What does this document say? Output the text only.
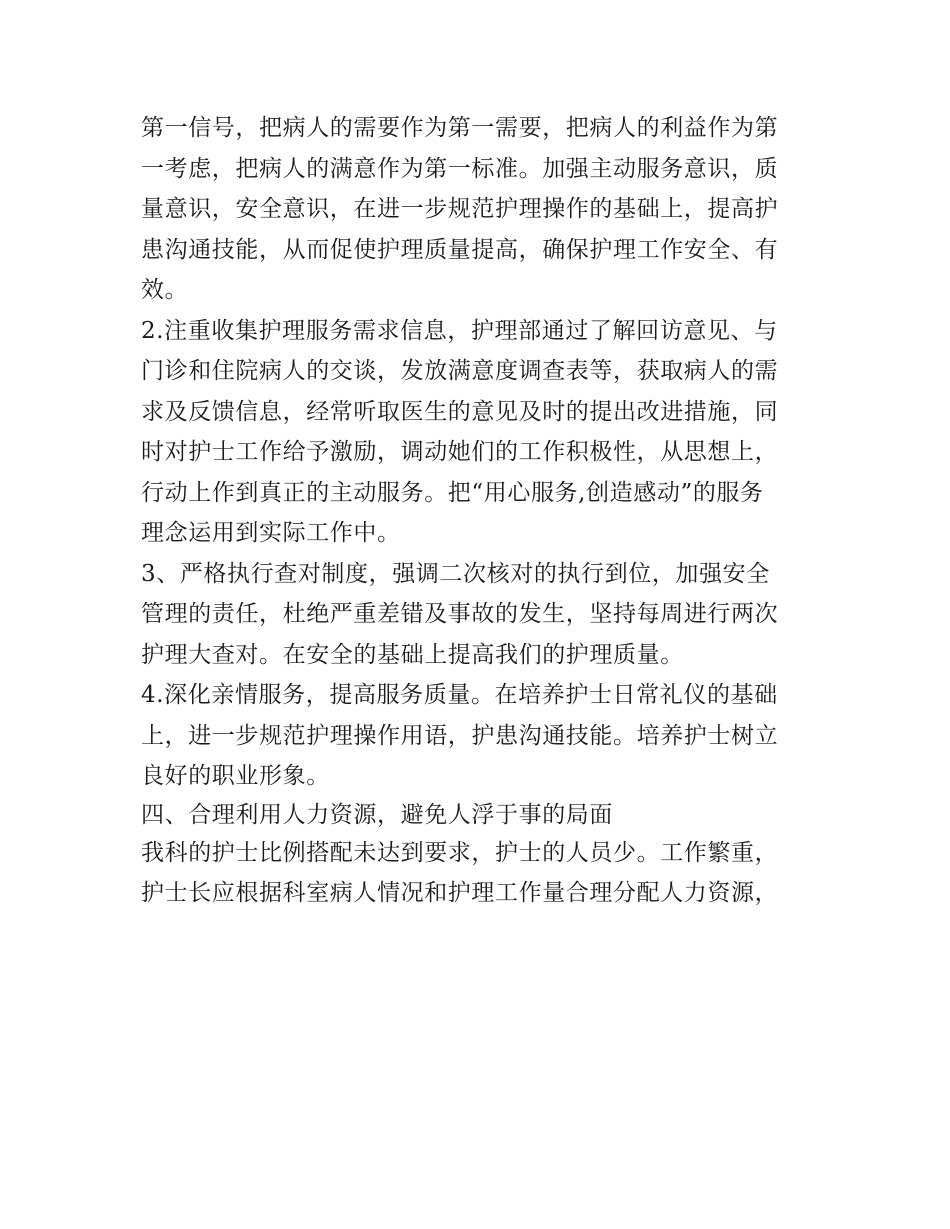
第一信号，把病人的需要作为第一需要，把病人的利益作为第
一考虑，把病人的满意作为第一标准。加强主动服务意识，质
量意识，安全意识，在进一步规范护理操作的基础上，提高护
患沟通技能，从而促使护理质量提高，确保护理工作安全、有
效。
2.注重收集护理服务需求信息，护理部通过了解回访意见、与
门诊和住院病人的交谈，发放满意度调查表等，获取病人的需
求及反馈信息，经常听取医生的意见及时的提出改进措施，同
时对护士工作给予激励，调动她们的工作积极性，从思想上，
行动上作到真正的主动服务。把“用心服务,创造感动”的服务
理念运用到实际工作中。
3、严格执行查对制度，强调二次核对的执行到位，加强安全
管理的责任，杜绝严重差错及事故的发生，坚持每周进行两次
护理大查对。在安全的基础上提高我们的护理质量。
4.深化亲情服务，提高服务质量。在培养护士日常礼仪的基础
上，进一步规范护理操作用语，护患沟通技能。培养护士树立
良好的职业形象。
四、合理利用人力资源，避免人浮于事的局面
我科的护士比例搭配未达到要求，护士的人员少。工作繁重，
护士长应根据科室病人情况和护理工作量合理分配人力资源，
